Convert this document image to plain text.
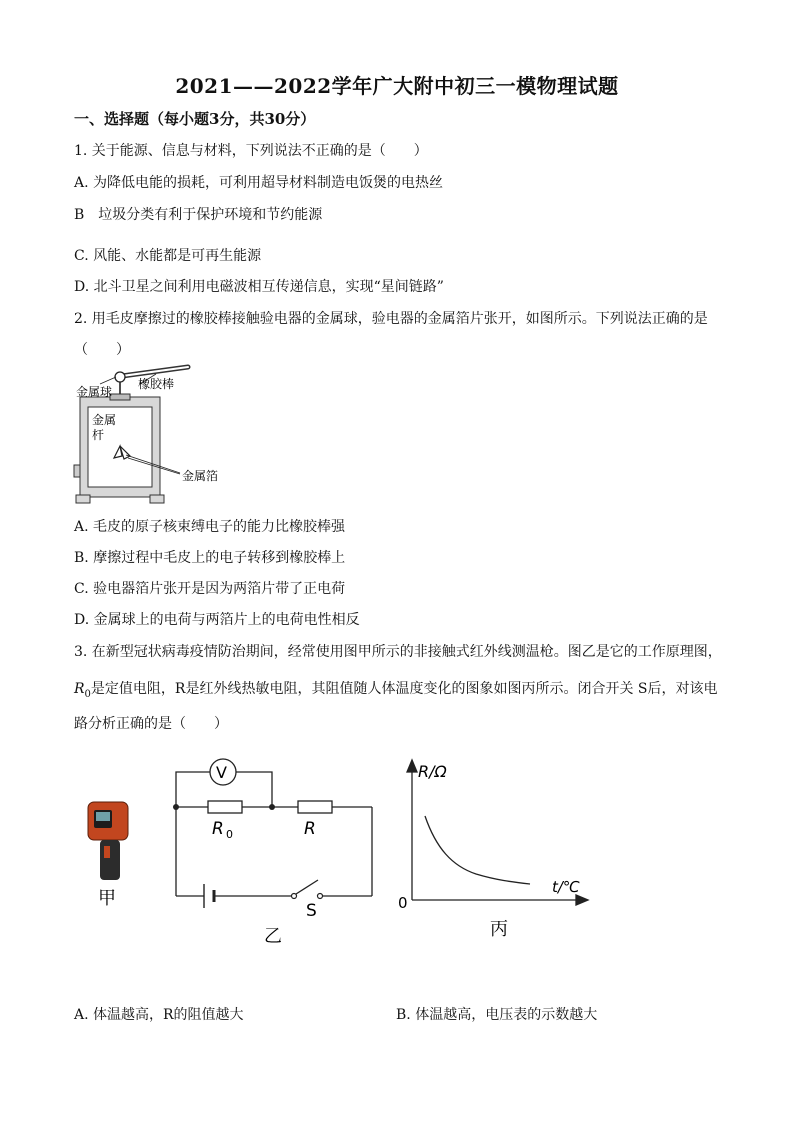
2021——2022学年广大附中初三一模物理试题
一、选择题（每小题3分，共30分）
1. 关于能源、信息与材料，下列说法不正确的是（　　）
A. 为降低电能的损耗，可利用超导材料制造电饭煲的电热丝
B　垃圾分类有利于保护环境和节约能源
C. 风能、水能都是可再生能源
D. 北斗卫星之间利用电磁波相互传递信息，实现“星间链路”
2. 用毛皮摩擦过的橡胶棒接触验电器的金属球，验电器的金属箔片张开，如图所示。下列说法正确的是
（　　）
金属球
橡胶棒
金属
杆
金属箔
A. 毛皮的原子核束缚电子的能力比橡胶棒强
B. 摩擦过程中毛皮上的电子转移到橡胶棒上
C. 验电器箔片张开是因为两箔片带了正电荷
D. 金属球上的电荷与两箔片上的电荷电性相反
3. 在新型冠状病毒疫情防治期间，经常使用图甲所示的非接触式红外线测温枪。图乙是它的工作原理图，
$R_0$是定值电阻，R是红外线热敏电阻，其阻值随人体温度变化的图象如图丙所示。闭合开关 S后，对该电
路分析正确的是（　　）
甲
V
R 0	R
S
乙
R/Ω
t/℃
0
丙
A. 体温越高，R的阻值越大	B. 体温越高，电压表的示数越大
